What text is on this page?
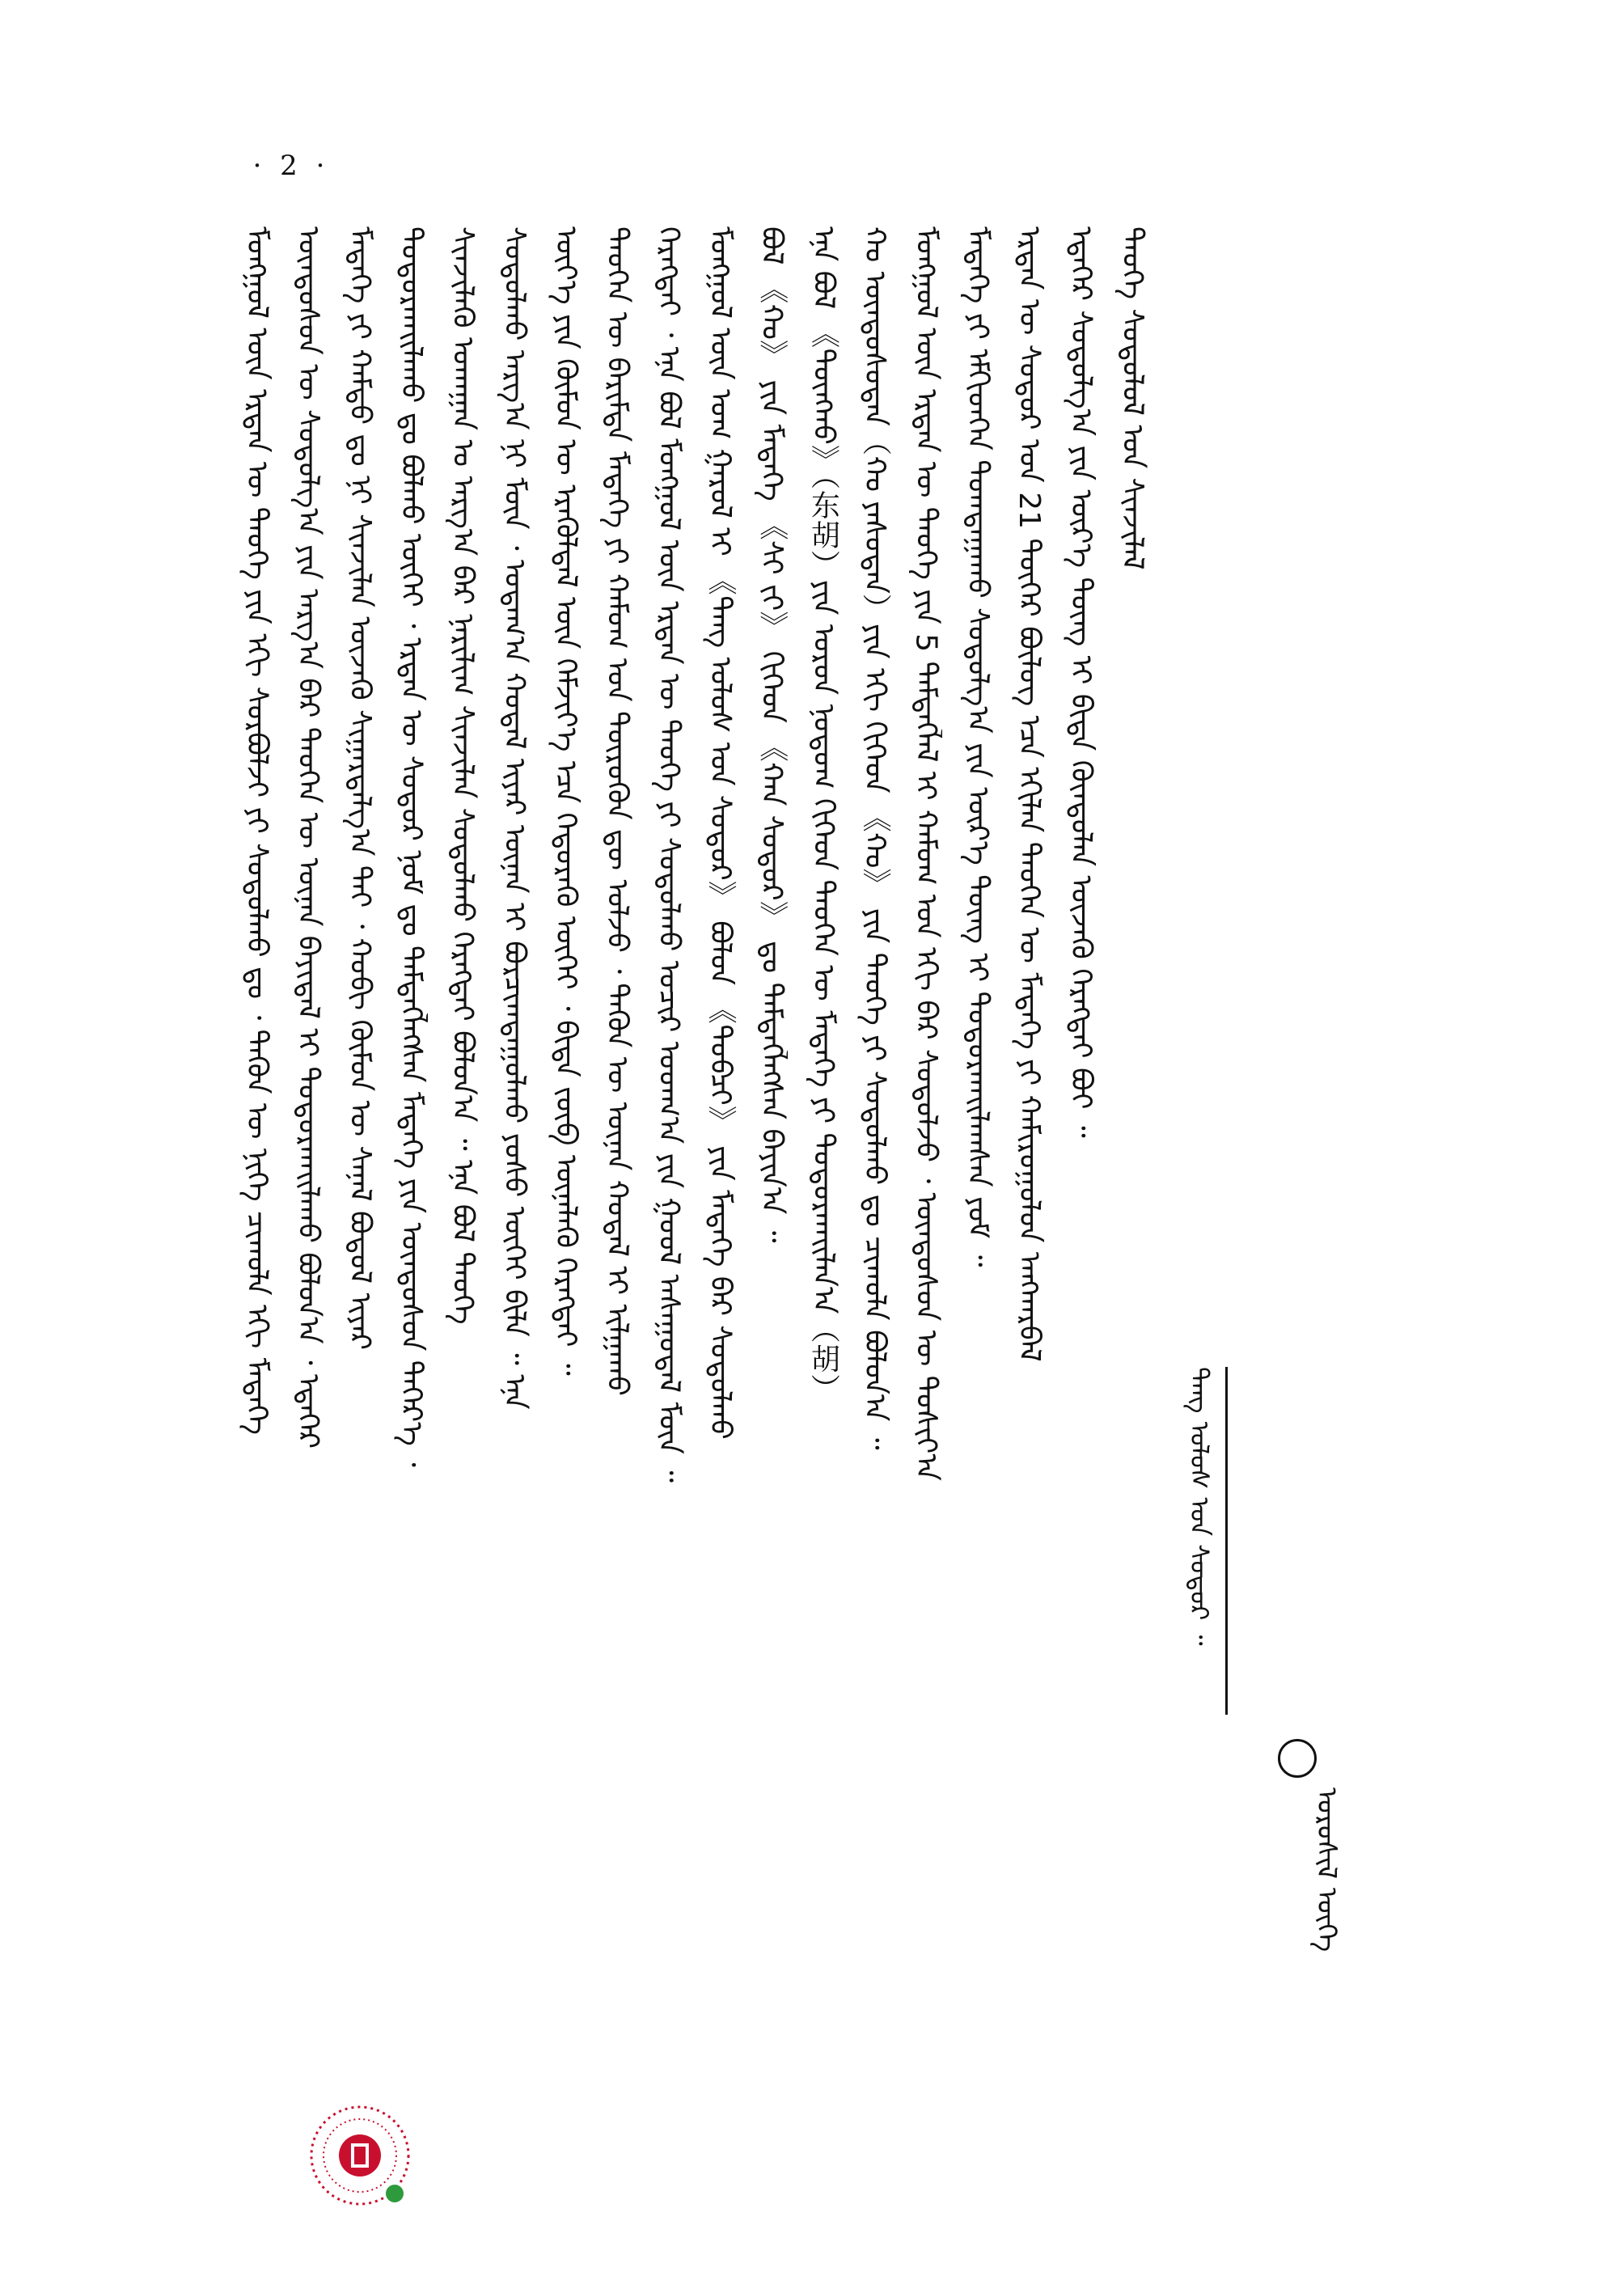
· 2 ·
ᠮᠣᠩᠭᠣᠯ ᠦᠨ ᠡᠷᠲᠡᠨ ᠦ ᠲᠡᠦᠬᠡ ᠶᠢᠨ ᠡᠬᠢ ᠰᠤᠷᠪᠤᠯᠵᠢ ᠶᠢ ᠰᠤᠳᠤᠯᠬᠤ ᠳᠤ ᠂ ᠲᠡᠭᠦᠨ ᠦ ᠨᠢᠭᠡ ᠴᠢᠬᠤᠯᠠ ᠡᠬᠢ ᠮᠡᠳᠡᠭᠡ ᠦᠨᠳᠦᠰᠦᠨ ᠦ ᠰᠤᠳᠤᠯᠭ᠎ᠠ ᠶᠢᠨ ᠠᠷᠭ᠎ᠠ ᠪᠠᠷ ᠲᠡᠦᠬᠡᠨ ᠦ ᠦᠨᠡᠨ ᠪᠠᠶᠢᠳᠠᠯ ᠢ ᠲᠣᠳᠣᠷᠬᠠᠢᠯᠠᠬᠤ ᠪᠣᠯᠣᠨ᠎ᠠ ᠂ ᠡᠳᠡᠭᠡᠷ ᠮᠡᠳᠡᠭᠡ ᠶᠢ ᠬᠠᠮᠲᠤ ᠳᠤ ᠨᠢ ᠰᠢᠨᠵᠢᠯᠡᠨ ᠦᠵᠡᠬᠦ ᠰᠢᠭᠠᠷᠳᠠᠯᠭ᠎ᠠ ᠲᠠᠢ ᠂ ᠬᠤᠪᠢ ᠬᠦᠮᠦᠨ ᠦ ᠰᠠᠨᠠᠯ ᠪᠣᠳᠤᠯ ᠢᠶᠠᠷ ᠲᠣᠳᠣᠷᠬᠠᠢᠯᠠᠬᠤ ᠳᠤ ᠪᠣᠯᠬᠤ ᠦᠭᠡᠢ ᠂ ᠡᠷᠲᠡᠨ ᠦ ᠰᠤᠳᠤᠷ ᠨᠣᠮ ᠳᠤ ᠲᠡᠮᠳᠡᠭᠯᠡᠭᠰᠡᠨ ᠮᠡᠳᠡᠭᠡ ᠶᠢᠨ ᠦᠨᠳᠦᠰᠦᠨ ᠳᠡᠭᠡᠷ᠎ᠡ ᠂ ᠰᠢᠨᠵᠢᠯᠡᠬᠦ ᠤᠬᠠᠭᠠᠨ ᠤ ᠠᠷᠭ᠎ᠠ ᠪᠠᠷ ᠨᠠᠷᠢᠯᠢᠭ ᠰᠢᠨᠵᠢᠯᠡᠨ ᠰᠤᠳᠤᠯᠬᠤ ᠬᠡᠷᠡᠭᠲᠡᠢ ᠪᠣᠯᠣᠨ᠎ᠠ ᠃ ᠡᠨᠡ ᠪᠣᠯ ᠲᠡᠦᠬᠡ ᠰᠤᠳᠤᠯᠬᠤ ᠠᠷᠭ᠎ᠠ ᠨᠢ ᠮᠥᠨ ᠂ ᠤᠳᠠᠭ᠎ᠠ ᠬᠤᠳᠠᠯ ᠢᠶᠠᠷ ᠦᠨᠡᠨ ᠢ ᠪᠤᠷᠴᠢᠭᠳᠠᠭᠤᠯᠬᠤ ᠶᠣᠰᠣ ᠦᠭᠡᠢ ᠪᠢᠯᠡ ᠃ ᠡᠨᠡ ᠦᠶ᠎ᠡ ᠶᠢᠨ ᠬᠦᠮᠦᠨ ᠦ ᠡᠷᠡᠬᠦᠯᠳᠡᠯ ᠦᠨ ᠬᠡᠮᠵᠢᠶ᠎ᠡ ᠡᠴᠡ ᠬᠡᠲᠦᠷᠡᠬᠦ ᠦᠭᠡᠢ ᠂ ᠪᠢᠳᠡ ᠵᠥᠪ ᠦᠨᠡᠯᠡᠬᠦ ᠬᠡᠷᠡᠭᠲᠡᠢ ᠃ ᠲᠡᠦᠬᠡᠨ ᠦ ᠪᠠᠷᠢᠮᠲᠠ ᠮᠡᠳᠡᠭᠡ ᠶᠢ ᠬᠠᠮᠤᠭ ᠤᠨ ᠲᠦᠷᠦᠭᠦᠨ ᠳᠦ ᠣᠯᠵᠤ ᠂ ᠲᠡᠭᠦᠨ ᠦ ᠦᠨᠡᠨ ᠬᠤᠳᠠᠯ ᠢ ᠢᠯᠭᠠᠬᠤ ᠬᠡᠷᠡᠭᠲᠡᠢ ᠂ ᠡᠨᠡ ᠪᠣᠯ ᠮᠣᠩᠭᠣᠯ ᠦᠨ ᠡᠷᠲᠡᠨ ᠦ ᠲᠡᠦᠬᠡ ᠶᠢ ᠰᠤᠳᠤᠯᠬᠤ ᠤᠴᠢᠷ ᠤᠳᠬ᠎ᠠ ᠶᠢᠨ ᠭᠣᠣᠯ ᠠᠰᠠᠭᠤᠳᠠᠯ ᠮᠥᠨ ᠃ ᠮᠣᠩᠭᠣᠯ ᠦᠨ ᠤᠭ ᠭᠠᠷᠤᠯ ᠢ 《ᠲᠠᠩ ᠤᠯᠤᠰ ᠤᠨ ᠰᠤᠳᠤᠷ》 ᠪᠣᠯᠤᠨ 《ᠲᠣᠪᠴᠢ》 ᠶᠢᠨ ᠮᠡᠳᠡᠭᠡ ᠪᠠᠷ ᠰᠤᠳᠤᠯᠬᠤ ᠪᠣᠯ 《ᠬᠤ》 ᠶᠢᠨ ᠮᠡᠳᠡᠭᠡ 《ᠰᠢ ᠵᠢ》 ᠬᠢᠭᠡᠳ 《ᠬᠠᠨ ᠰᠤᠳᠤᠷ》 ᠳᠤ ᠲᠡᠮᠳᠡᠭᠯᠡᠭᠰᠡᠨ ᠪᠠᠶᠢᠨ᠎ᠠ ᠃ ᠡᠨᠡ ᠪᠣᠯ 《ᠳᠦᠩᠬᠤ》（东胡）ᠶᠢᠨ ᠣᠷᠣᠨ ᠨᠤᠲᠤᠭ ᠬᠢᠭᠡᠳ ᠲᠡᠦᠬᠡᠨ ᠦ ᠮᠡᠳᠡᠭᠡ ᠶᠢ ᠲᠣᠳᠣᠷᠬᠠᠢᠯᠠᠨ᠎ᠠ（胡） ᠬᠤ ᠦᠨᠳᠦᠰᠦᠲᠡᠨ（ᠬᠤ ᠶᠠᠰᠤᠲᠠᠨ）ᠶᠢᠨ ᠡᠬᠢ ᠬᠢᠭᠡᠳ 《ᠬᠤ》 ᠶᠢᠨ ᠲᠡᠦᠬᠡ ᠶᠢ ᠰᠤᠳᠤᠯᠬᠤ ᠳᠤ ᠴᠢᠬᠤᠯᠠ ᠪᠣᠯᠤᠨ᠎ᠠ ᠃ ᠮᠣᠩᠭᠣᠯ ᠦᠨ ᠡᠷᠲᠡᠨ ᠦ ᠲᠡᠦᠬᠡ ᠶᠢᠨ 5 ᠲᠡᠮᠳᠡᠭᠯᠡᠯ ᠢ ᠬᠠᠮᠤᠭ ᠤᠨ ᠡᠬᠢ ᠪᠠᠷ ᠰᠤᠳᠤᠯᠵᠤ ᠂ ᠦᠨᠳᠦᠰᠦᠨ ᠦ ᠲᠣᠰᠢᠶ᠎ᠠ ᠮᠡᠳᠡᠭᠡ ᠶᠢ ᠡᠮᠬᠢᠳᠬᠡᠨ ᠲᠣᠭᠲᠠᠭᠠᠬᠤ ᠰᠤᠳᠤᠯᠭ᠎ᠠ ᠶᠢᠨ ᠦᠷ᠎ᠡ ᠳᠦᠩ ᠢ ᠲᠣᠳᠣᠷᠬᠠᠢᠯᠠᠭᠰᠠᠨ ᠶᠤᠮ ᠃ ᠡᠷᠲᠡᠨ ᠦ ᠰᠤᠳᠤᠷ ᠤᠨ 21 ᠳᠦᠭᠡᠷ ᠪᠦᠯᠦᠭ ᠡᠴᠡ ᠡᠬᠢᠯᠡᠨ ᠲᠡᠦᠬᠡᠨ ᠦ ᠮᠡᠳᠡᠭᠡ ᠶᠢ ᠬᠠᠮᠢᠷᠤᠭᠤᠯᠤᠨ ᠠᠩᠬᠠᠷᠪᠠᠯ ᠡᠳᠡᠭᠡᠷ ᠰᠤᠳᠤᠯᠭ᠎ᠠ ᠶᠢᠨ ᠦᠷ᠎ᠡ ᠳᠦᠩ ᠢ ᠪᠢᠳᠡ ᠬᠦᠨᠳᠦᠯᠡᠨ ᠦᠵᠡᠬᠦ ᠬᠡᠷᠡᠭᠲᠡᠢ ᠪᠤᠢ ᠃ ᠲᠡᠦᠬᠡ ᠰᠤᠳᠤᠯᠤᠯ ᠤᠨ ᠰᠢᠨᠵᠢᠯᠡᠯ
ᠲᠠᠩ ᠤᠯᠤᠰ ᠤᠨ ᠰᠤᠳᠤᠷ ᠃
ᠣᠷᠣᠰᠢᠯ ᠦᠭᠡ
